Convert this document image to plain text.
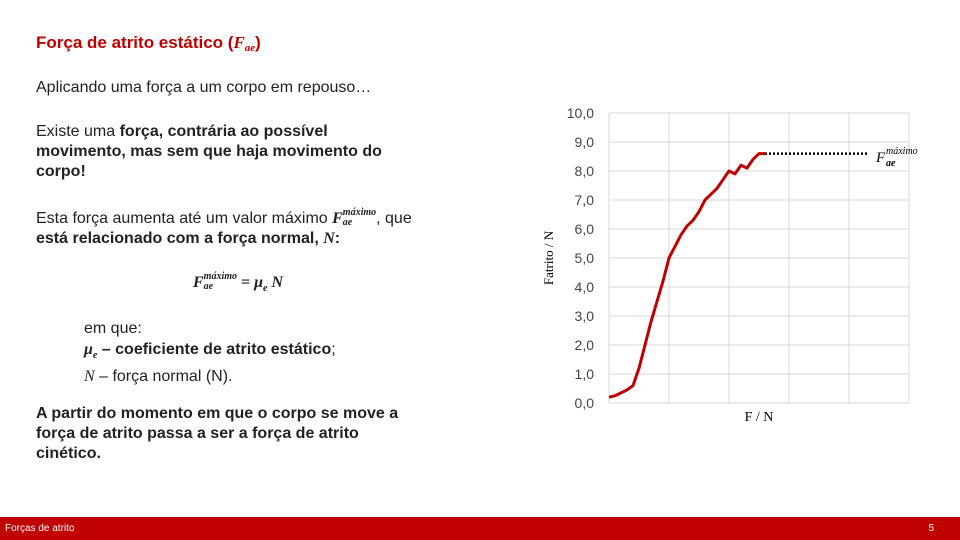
Força de atrito estático $(F_{ae})$
Aplicando uma força a um corpo em repouso…
Existe uma força, contrária ao possível
movimento, mas sem que haja movimento do
corpo!
Esta força aumenta até um valor máximo F máximo
ae	, que
está relacionado com a força normal, N:
F máximo
ae	= $\mu_e$ N
em que:
$\mu_e$ – coeficiente de atrito estático;
N – força normal (N).
A partir do momento em que o corpo se move a
força de atrito passa a ser a força de atrito
cinético.
0,0
1,0
2,0
3,0
4,0
5,0
6,0
7,0
8,0
9,0
10,0
Fatrito / N
F / N
F máximo
ae
Forças de atrito	5
